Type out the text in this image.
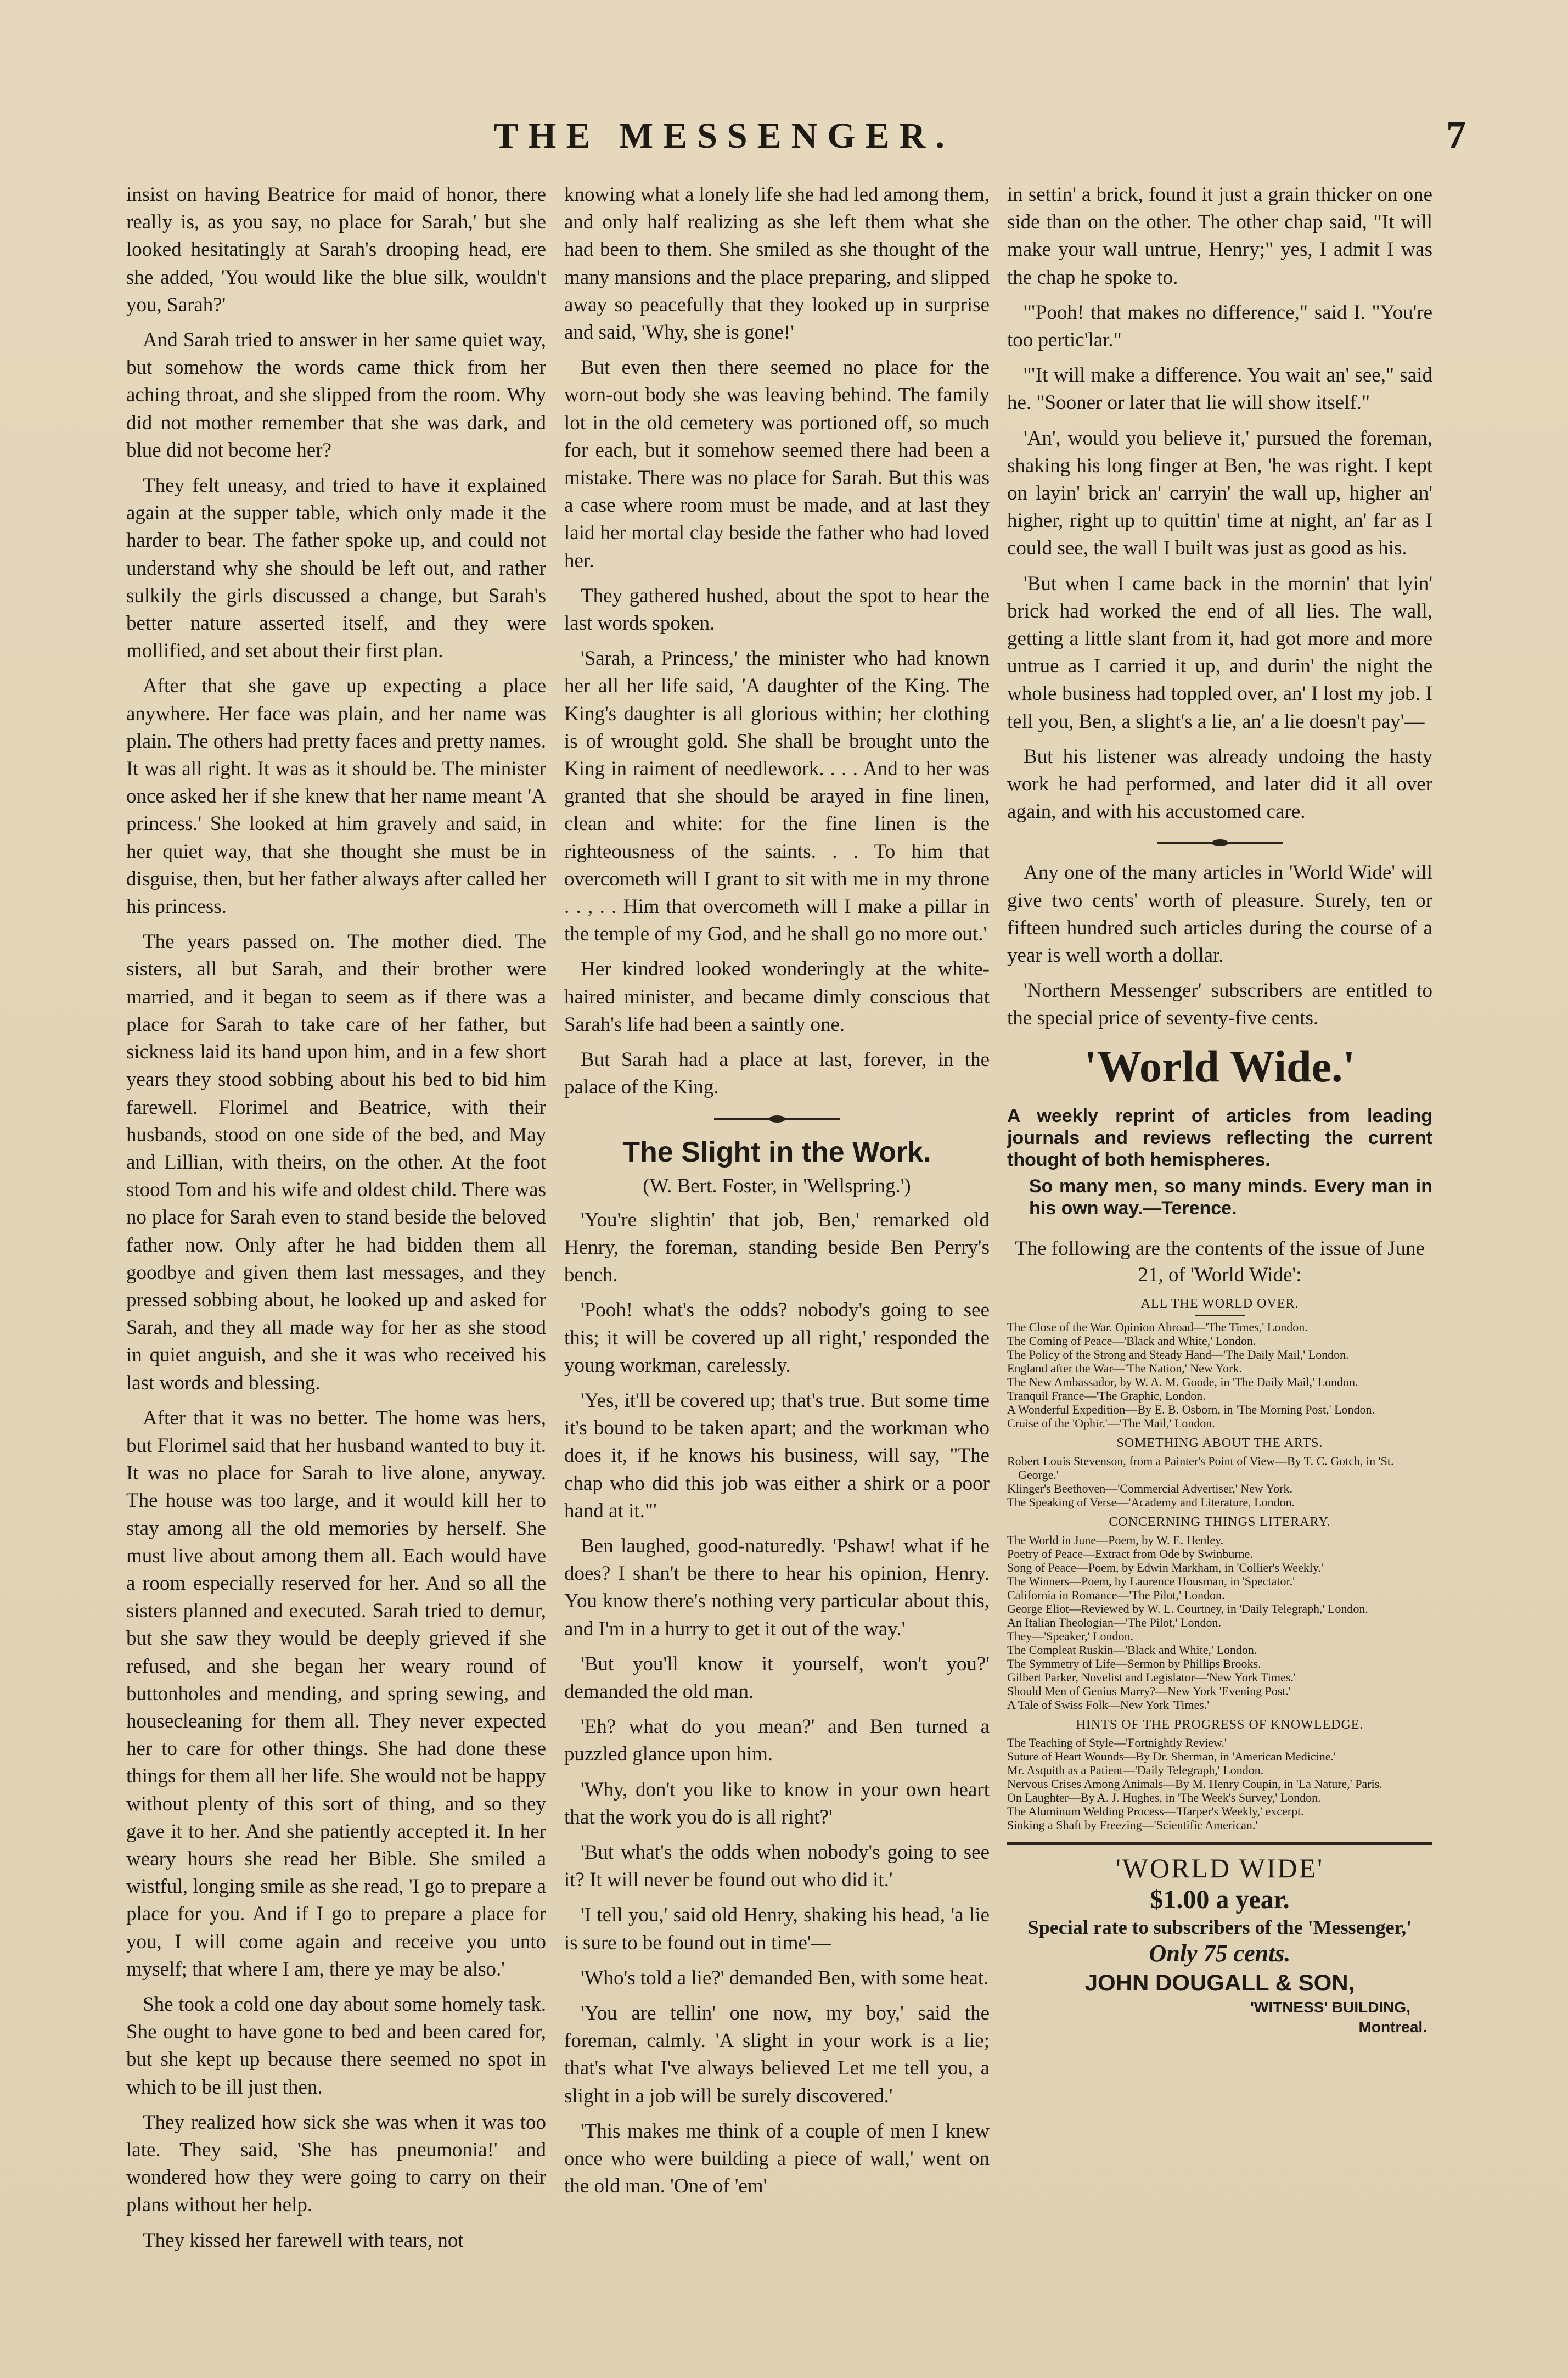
THE MESSENGER.	7

insist on having Beatrice for maid of honor, there really is, as you say, no place for Sarah,' but she looked hesitatingly at Sarah's drooping head, ere she added, 'You would like the blue silk, wouldn't you, Sarah?'

And Sarah tried to answer in her same quiet way, but somehow the words came thick from her aching throat, and she slipped from the room. Why did not mother remember that she was dark, and blue did not become her?

They felt uneasy, and tried to have it explained again at the supper table, which only made it the harder to bear. The father spoke up, and could not understand why she should be left out, and rather sulkily the girls discussed a change, but Sarah's better nature asserted itself, and they were mollified, and set about their first plan.

After that she gave up expecting a place anywhere. Her face was plain, and her name was plain. The others had pretty faces and pretty names. It was all right. It was as it should be. The minister once asked her if she knew that her name meant 'A princess.' She looked at him gravely and said, in her quiet way, that she thought she must be in disguise, then, but her father always after called her his princess.

The years passed on. The mother died. The sisters, all but Sarah, and their brother were married, and it began to seem as if there was a place for Sarah to take care of her father, but sickness laid its hand upon him, and in a few short years they stood sobbing about his bed to bid him farewell. Florimel and Beatrice, with their husbands, stood on one side of the bed, and May and Lillian, with theirs, on the other. At the foot stood Tom and his wife and oldest child. There was no place for Sarah even to stand beside the beloved father now. Only after he had bidden them all goodbye and given them last messages, and they pressed sobbing about, he looked up and asked for Sarah, and they all made way for her as she stood in quiet anguish, and she it was who received his last words and blessing.

After that it was no better. The home was hers, but Florimel said that her husband wanted to buy it. It was no place for Sarah to live alone, anyway. The house was too large, and it would kill her to stay among all the old memories by herself. She must live about among them all. Each would have a room especially reserved for her. And so all the sisters planned and executed. Sarah tried to demur, but she saw they would be deeply grieved if she refused, and she began her weary round of buttonholes and mending, and spring sewing, and housecleaning for them all. They never expected her to care for other things. She had done these things for them all her life. She would not be happy without plenty of this sort of thing, and so they gave it to her. And she patiently accepted it. In her weary hours she read her Bible. She smiled a wistful, longing smile as she read, 'I go to prepare a place for you. And if I go to prepare a place for you, I will come again and receive you unto myself; that where I am, there ye may be also.'

She took a cold one day about some homely task. She ought to have gone to bed and been cared for, but she kept up because there seemed no spot in which to be ill just then.

They realized how sick she was when it was too late. They said, 'She has pneumonia!' and wondered how they were going to carry on their plans without her help.

They kissed her farewell with tears, not

knowing what a lonely life she had led among them, and only half realizing as she left them what she had been to them. She smiled as she thought of the many mansions and the place preparing, and slipped away so peacefully that they looked up in surprise and said, 'Why, she is gone!'

But even then there seemed no place for the worn-out body she was leaving behind. The family lot in the old cemetery was portioned off, so much for each, but it somehow seemed there had been a mistake. There was no place for Sarah. But this was a case where room must be made, and at last they laid her mortal clay beside the father who had loved her.

They gathered hushed, about the spot to hear the last words spoken.

'Sarah, a Princess,' the minister who had known her all her life said, 'A daughter of the King. The King's daughter is all glorious within; her clothing is of wrought gold. She shall be brought unto the King in raiment of needlework. . . . And to her was granted that she should be arayed in fine linen, clean and white: for the fine linen is the righteousness of the saints. . . To him that overcometh will I grant to sit with me in my throne . . , . . Him that overcometh will I make a pillar in the temple of my God, and he shall go no more out.'

Her kindred looked wonderingly at the white-haired minister, and became dimly conscious that Sarah's life had been a saintly one.

But Sarah had a place at last, forever, in the palace of the King.

The Slight in the Work.
(W. Bert. Foster, in 'Wellspring.')

'You're slightin' that job, Ben,' remarked old Henry, the foreman, standing beside Ben Perry's bench.

'Pooh! what's the odds? nobody's going to see this; it will be covered up all right,' responded the young workman, carelessly.

'Yes, it'll be covered up; that's true. But some time it's bound to be taken apart; and the workman who does it, if he knows his business, will say, "The chap who did this job was either a shirk or a poor hand at it."'

Ben laughed, good-naturedly. 'Pshaw! what if he does? I shan't be there to hear his opinion, Henry. You know there's nothing very particular about this, and I'm in a hurry to get it out of the way.'

'But you'll know it yourself, won't you?' demanded the old man.

'Eh? what do you mean?' and Ben turned a puzzled glance upon him.

'Why, don't you like to know in your own heart that the work you do is all right?'

'But what's the odds when nobody's going to see it? It will never be found out who did it.'

'I tell you,' said old Henry, shaking his head, 'a lie is sure to be found out in time'—

'Who's told a lie?' demanded Ben, with some heat.

'You are tellin' one now, my boy,' said the foreman, calmly. 'A slight in your work is a lie; that's what I've always believed Let me tell you, a slight in a job will be surely discovered.'

'This makes me think of a couple of men I knew once who were building a piece of wall,' went on the old man. 'One of 'em'

in settin' a brick, found it just a grain thicker on one side than on the other. The other chap said, "It will make your wall untrue, Henry;" yes, I admit I was the chap he spoke to.

'"Pooh! that makes no difference," said I. "You're too pertic'lar."

'"It will make a difference. You wait an' see," said he. "Sooner or later that lie will show itself."

'An', would you believe it,' pursued the foreman, shaking his long finger at Ben, 'he was right. I kept on layin' brick an' carryin' the wall up, higher an' higher, right up to quittin' time at night, an' far as I could see, the wall I built was just as good as his.

'But when I came back in the mornin' that lyin' brick had worked the end of all lies. The wall, getting a little slant from it, had got more and more untrue as I carried it up, and durin' the night the whole business had toppled over, an' I lost my job. I tell you, Ben, a slight's a lie, an' a lie doesn't pay'—

But his listener was already undoing the hasty work he had performed, and later did it all over again, and with his accustomed care.

Any one of the many articles in 'World Wide' will give two cents' worth of pleasure. Surely, ten or fifteen hundred such articles during the course of a year is well worth a dollar.

'Northern Messenger' subscribers are entitled to the special price of seventy-five cents.

'World Wide.'
A weekly reprint of articles from leading journals and reviews reflecting the current thought of both hemispheres.
So many men, so many minds. Every man in his own way.—Terence.
The following are the contents of the issue of June 21, of 'World Wide':
ALL THE WORLD OVER.
The Close of the War. Opinion Abroad—'The Times,' London.
The Coming of Peace—'Black and White,' London.
The Policy of the Strong and Steady Hand—'The Daily Mail,' London.
England after the War—'The Nation,' New York.
The New Ambassador, by W. A. M. Goode, in 'The Daily Mail,' London.
Tranquil France—'The Graphic, London.
A Wonderful Expedition—By E. B. Osborn, in 'The Morning Post,' London.
Cruise of the 'Ophir.'—'The Mail,' London.
SOMETHING ABOUT THE ARTS.
Robert Louis Stevenson, from a Painter's Point of View—By T. C. Gotch, in 'St. George.'
Klinger's Beethoven—'Commercial Advertiser,' New York.
The Speaking of Verse—'Academy and Literature, London.
CONCERNING THINGS LITERARY.
The World in June—Poem, by W. E. Henley.
Poetry of Peace—Extract from Ode by Swinburne.
Song of Peace—Poem, by Edwin Markham, in 'Collier's Weekly.'
The Winners—Poem, by Laurence Housman, in 'Spectator.'
California in Romance—'The Pilot,' London.
George Eliot—Reviewed by W. L. Courtney, in 'Daily Telegraph,' London.
An Italian Theologian—'The Pilot,' London.
They—'Speaker,' London.
The Compleat Ruskin—'Black and White,' London.
The Symmetry of Life—Sermon by Phillips Brooks.
Gilbert Parker, Novelist and Legislator—'New York Times.'
Should Men of Genius Marry?—New York 'Evening Post.'
A Tale of Swiss Folk—New York 'Times.'
HINTS OF THE PROGRESS OF KNOWLEDGE.
The Teaching of Style—'Fortnightly Review.'
Suture of Heart Wounds—By Dr. Sherman, in 'American Medicine.'
Mr. Asquith as a Patient—'Daily Telegraph,' London.
Nervous Crises Among Animals—By M. Henry Coupin, in 'La Nature,' Paris.
On Laughter—By A. J. Hughes, in 'The Week's Survey,' London.
The Aluminum Welding Process—'Harper's Weekly,' excerpt.
Sinking a Shaft by Freezing—'Scientific American.'
'WORLD WIDE'
$1.00 a year.
Special rate to subscribers of the 'Messenger,'
Only 75 cents.
JOHN DOUGALL & SON,
'WITNESS' BUILDING,
Montreal.
